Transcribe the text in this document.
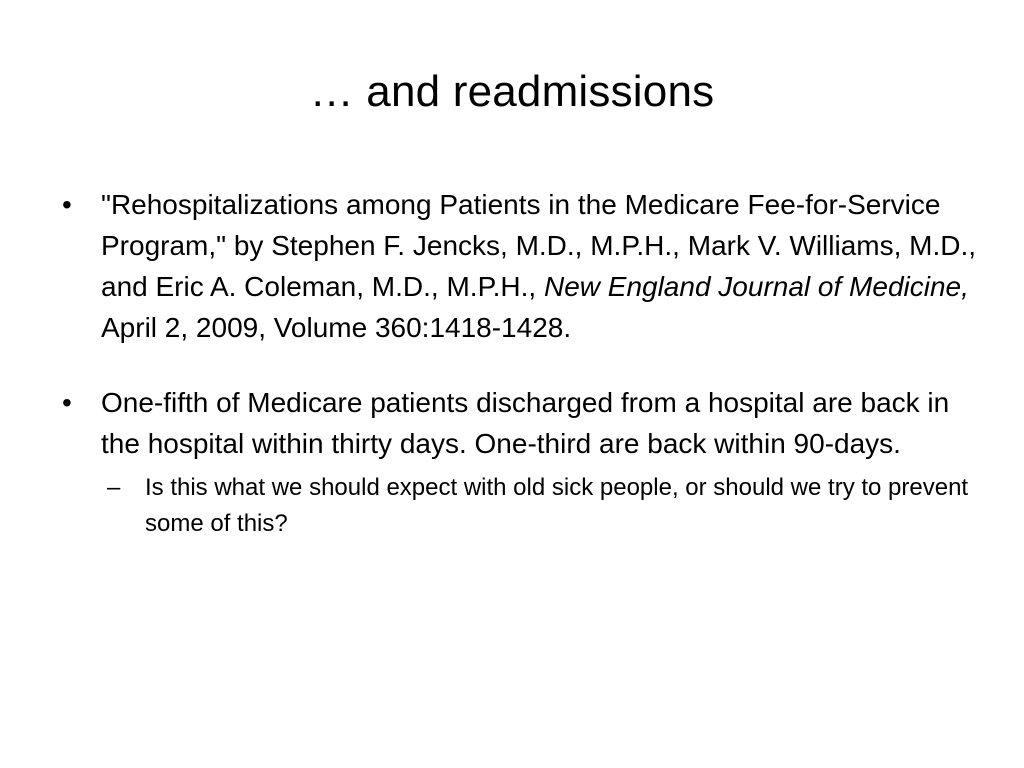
… and readmissions
•	"Rehospitalizations among Patients in the Medicare Fee-for-Service Program," by Stephen F. Jencks, M.D., M.P.H., Mark V. Williams, M.D., and Eric A. Coleman, M.D., M.P.H., New England Journal of Medicine, April 2, 2009, Volume 360:1418-1428.
•	One-fifth of Medicare patients discharged from a hospital are back in the hospital within thirty days. One-third are back within 90-days.
– Is this what we should expect with old sick people, or should we try to prevent some of this?
